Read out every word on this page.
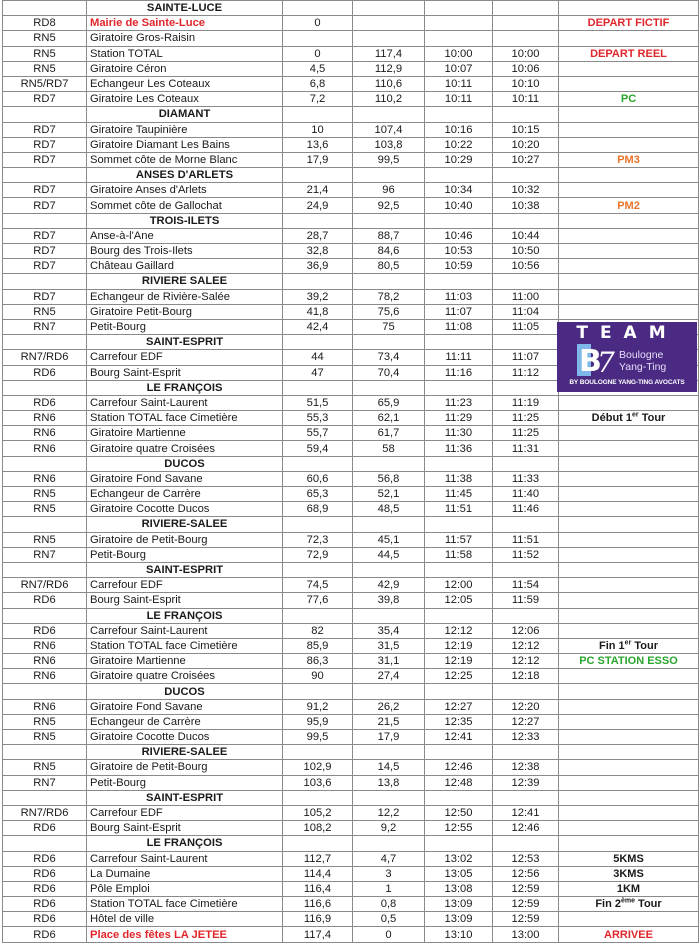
	SAINTE-LUCE					
RD8	Mairie de Sainte-Luce	0				DEPART FICTIF
RN5	Giratoire Gros-Raisin					
RN5	Station TOTAL	0	117,4	10:00	10:00	DEPART REEL
RN5	Giratoire Céron	4,5	112,9	10:07	10:06	
RN5/RD7	Echangeur Les Coteaux	6,8	110,6	10:11	10:10	
RD7	Giratoire Les Coteaux	7,2	110,2	10:11	10:11	PC
	DIAMANT					
RD7	Giratoire Taupinière	10	107,4	10:16	10:15	
RD7	Giratoire Diamant Les Bains	13,6	103,8	10:22	10:20	
RD7	Sommet côte de Morne Blanc	17,9	99,5	10:29	10:27	PM3
	ANSES D'ARLETS					
RD7	Giratoire Anses d'Arlets	21,4	96	10:34	10:32	
RD7	Sommet côte de Gallochat	24,9	92,5	10:40	10:38	PM2
	TROIS-ILETS					
RD7	Anse-à-l'Ane	28,7	88,7	10:46	10:44	
RD7	Bourg des Trois-Ilets	32,8	84,6	10:53	10:50	
RD7	Château Gaillard	36,9	80,5	10:59	10:56	
	RIVIERE SALEE					
RD7	Echangeur de Rivière-Salée	39,2	78,2	11:03	11:00	
RN5	Giratoire Petit-Bourg	41,8	75,6	11:07	11:04	
RN7	Petit-Bourg	42,4	75	11:08	11:05	
	SAINT-ESPRIT					
RN7/RD6	Carrefour EDF	44	73,4	11:11	11:07	
RD6	Bourg Saint-Esprit	47	70,4	11:16	11:12	
	LE FRANÇOIS					
RD6	Carrefour Saint-Laurent	51,5	65,9	11:23	11:19	
RN6	Station TOTAL face Cimetière	55,3	62,1	11:29	11:25	Début 1er Tour
RN6	Giratoire Martienne	55,7	61,7	11:30	11:25	
RN6	Giratoire quatre Croisées	59,4	58	11:36	11:31	
	DUCOS					
RN6	Giratoire Fond Savane	60,6	56,8	11:38	11:33	
RN5	Echangeur de Carrère	65,3	52,1	11:45	11:40	
RN5	Giratoire Cocotte Ducos	68,9	48,5	11:51	11:46	
	RIVIERE-SALEE					
RN5	Giratoire de Petit-Bourg	72,3	45,1	11:57	11:51	
RN7	Petit-Bourg	72,9	44,5	11:58	11:52	
	SAINT-ESPRIT					
RN7/RD6	Carrefour EDF	74,5	42,9	12:00	11:54	
RD6	Bourg Saint-Esprit	77,6	39,8	12:05	11:59	
	LE FRANÇOIS					
RD6	Carrefour Saint-Laurent	82	35,4	12:12	12:06	
RN6	Station TOTAL face Cimetière	85,9	31,5	12:19	12:12	Fin 1er Tour
RN6	Giratoire Martienne	86,3	31,1	12:19	12:12	PC STATION ESSO
RN6	Giratoire quatre Croisées	90	27,4	12:25	12:18	
	DUCOS					
RN6	Giratoire Fond Savane	91,2	26,2	12:27	12:20	
RN5	Echangeur de Carrère	95,9	21,5	12:35	12:27	
RN5	Giratoire Cocotte Ducos	99,5	17,9	12:41	12:33	
	RIVIERE-SALEE					
RN5	Giratoire de Petit-Bourg	102,9	14,5	12:46	12:38	
RN7	Petit-Bourg	103,6	13,8	12:48	12:39	
	SAINT-ESPRIT					
RN7/RD6	Carrefour EDF	105,2	12,2	12:50	12:41	
RD6	Bourg Saint-Esprit	108,2	9,2	12:55	12:46	
	LE FRANÇOIS					
RD6	Carrefour Saint-Laurent	112,7	4,7	13:02	12:53	5KMS
RD6	La Dumaine	114,4	3	13:05	12:56	3KMS
RD6	Pôle Emploi	116,4	1	13:08	12:59	1KM
RD6	Station TOTAL face Cimetière	116,6	0,8	13:09	12:59	Fin 2ème Tour
RD6	Hôtel de ville	116,9	0,5	13:09	12:59	
RD6	Place des fêtes LA JETEE	117,4	0	13:10	13:00	ARRIVEE
TEAM
B
7 Boulogne
Yang-Ting
BY BOULOGNE YANG-TING AVOCATS
